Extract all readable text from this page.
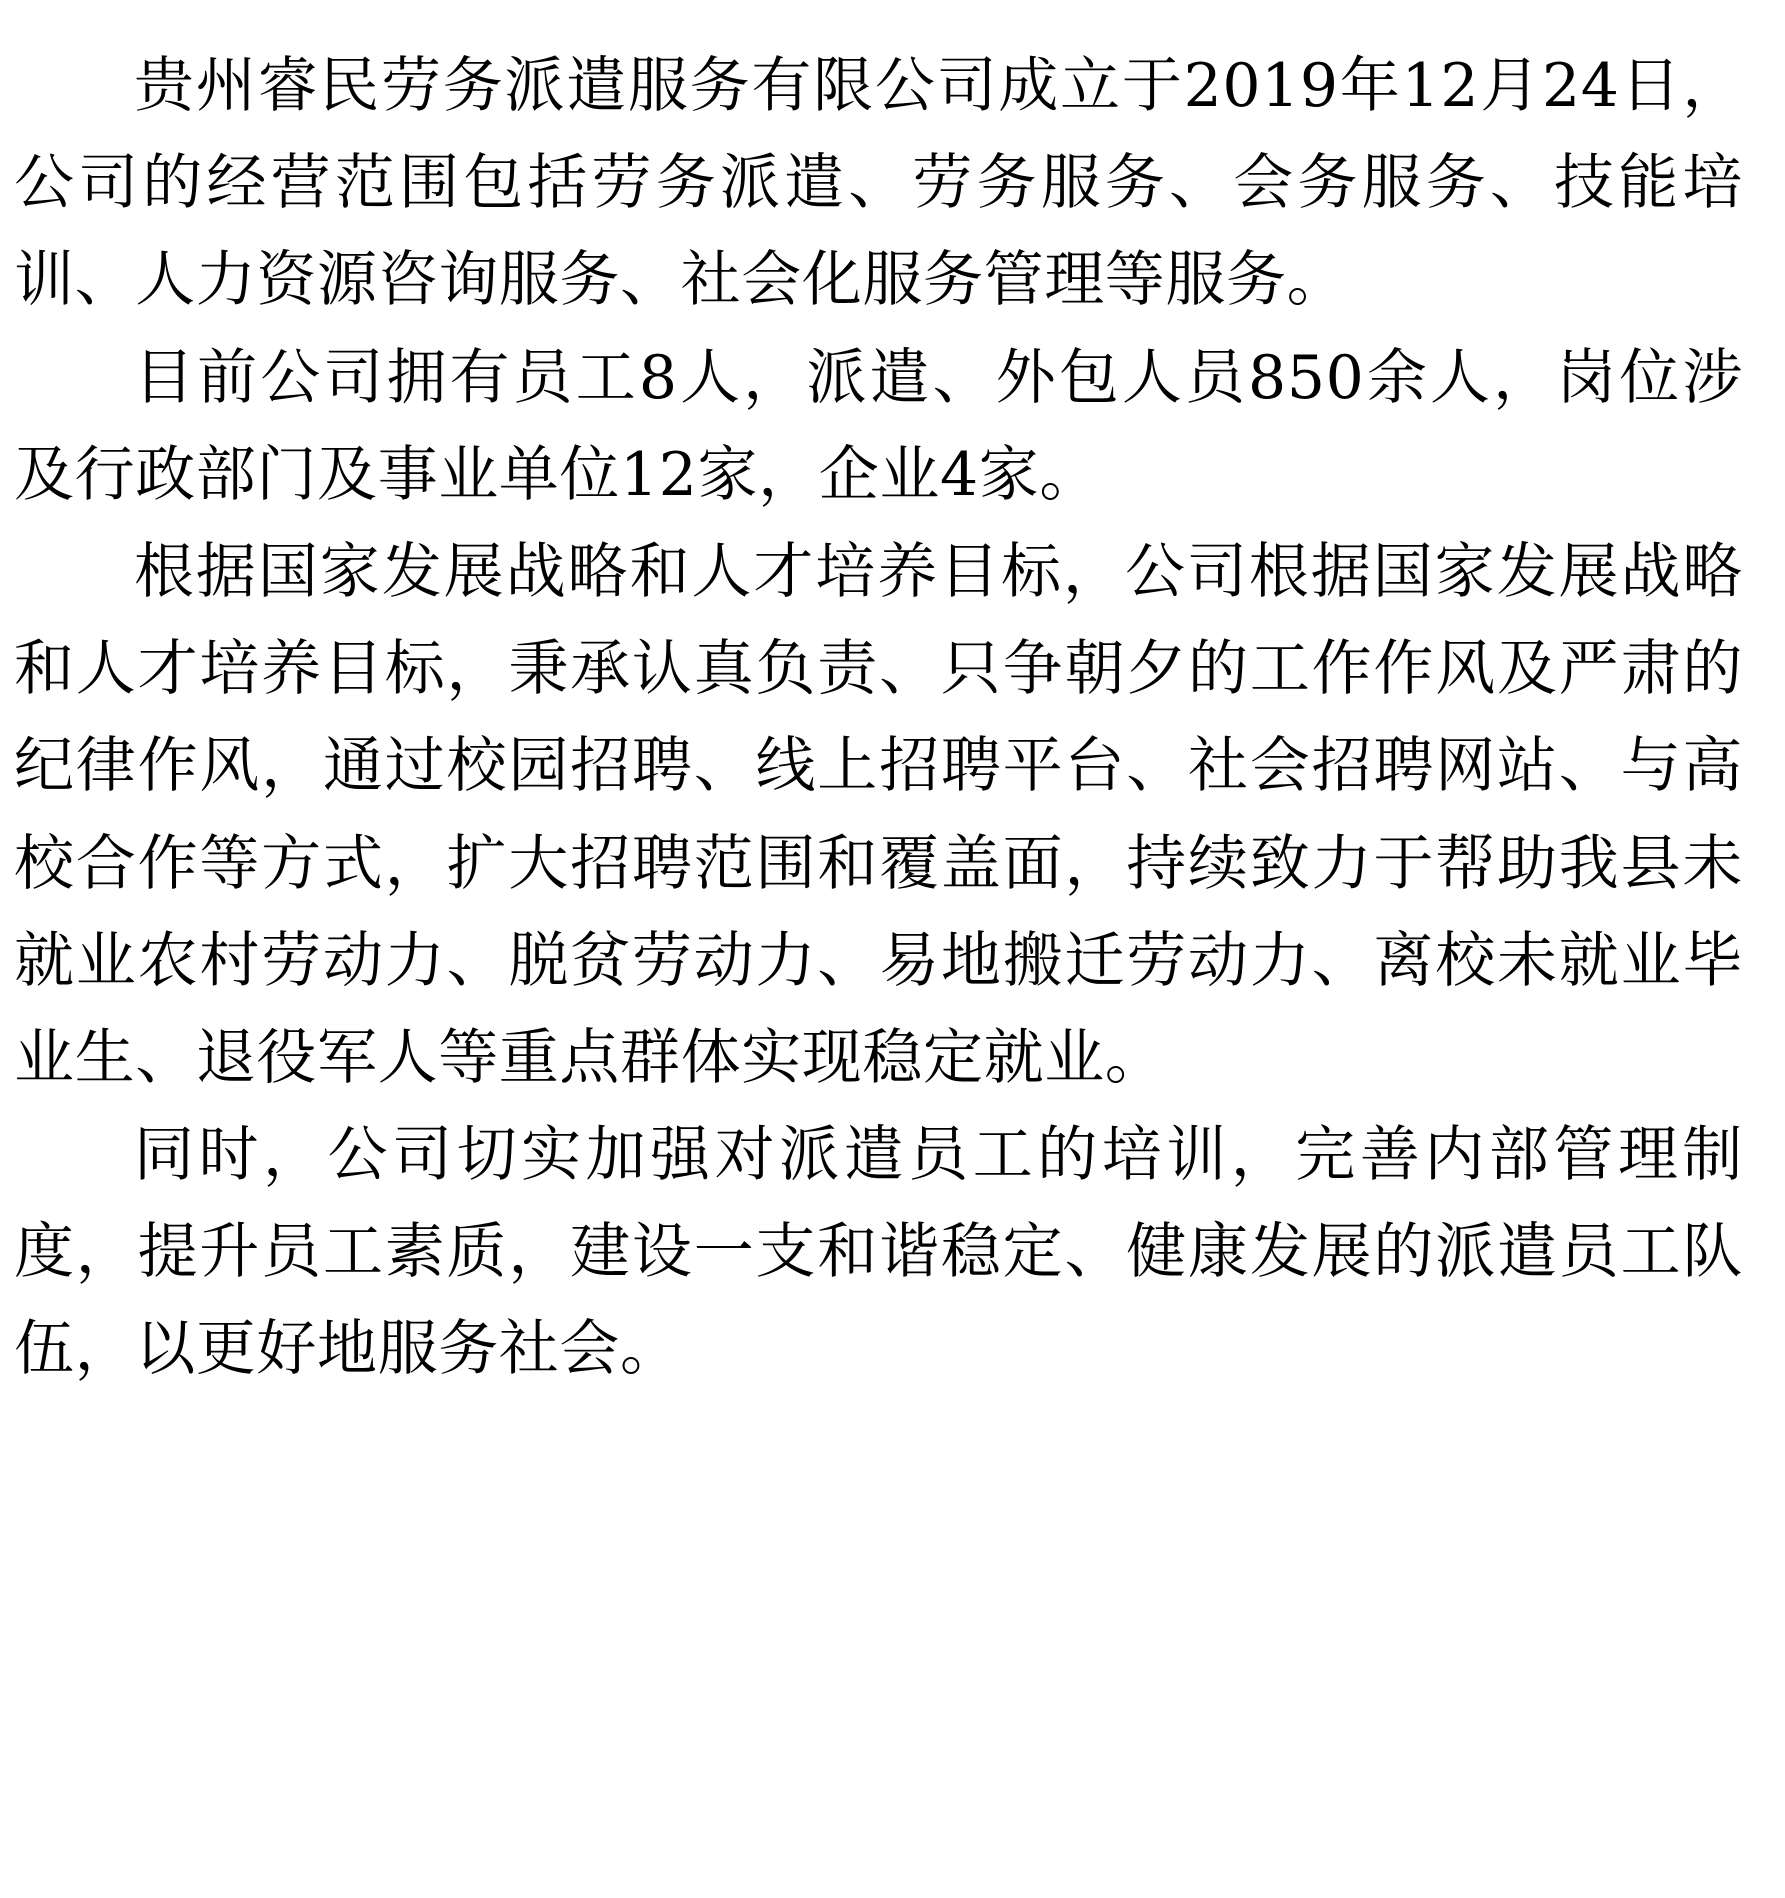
贵州睿民劳务派遣服务有限公司成立于2019年12月24日，公司的经营范围包括劳务派遣、劳务服务、会务服务、技能培训、人力资源咨询服务、社会化服务管理等服务。

目前公司拥有员工8人，派遣、外包人员850余人，岗位涉及行政部门及事业单位12家，企业4家。

根据国家发展战略和人才培养目标，公司根据国家发展战略和人才培养目标，秉承认真负责、只争朝夕的工作作风及严肃的纪律作风，通过校园招聘、线上招聘平台、社会招聘网站、与高校合作等方式，扩大招聘范围和覆盖面，持续致力于帮助我县未就业农村劳动力、脱贫劳动力、易地搬迁劳动力、离校未就业毕业生、退役军人等重点群体实现稳定就业。

同时，公司切实加强对派遣员工的培训，完善内部管理制度，提升员工素质，建设一支和谐稳定、健康发展的派遣员工队伍，以更好地服务社会。
